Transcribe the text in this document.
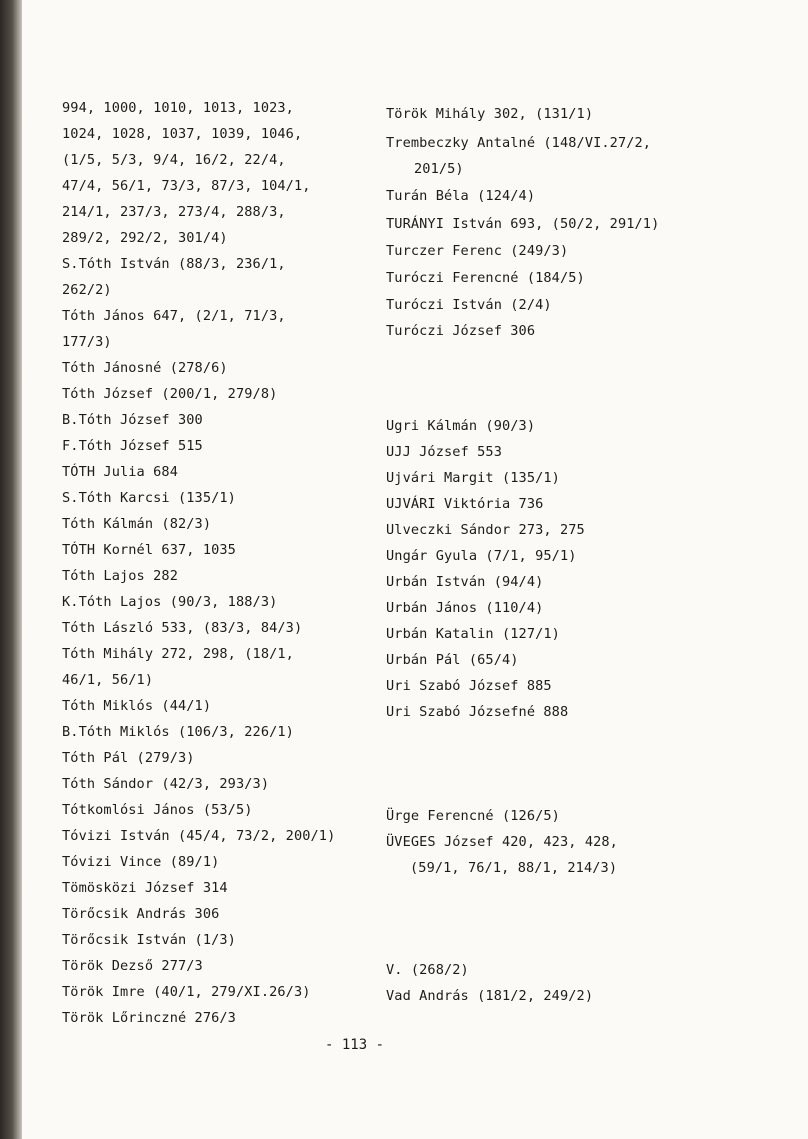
994, 1000, 1010, 1013, 1023,
1024, 1028, 1037, 1039, 1046,
(1/5, 5/3, 9/4, 16/2, 22/4,
47/4, 56/1, 73/3, 87/3, 104/1,
214/1, 237/3, 273/4, 288/3,
289/2, 292/2, 301/4)
S.Tóth István (88/3, 236/1,
262/2)
Tóth János 647, (2/1, 71/3,
177/3)
Tóth Jánosné (278/6)
Tóth József (200/1, 279/8)
B.Tóth József 300
F.Tóth József 515
TÓTH Julia 684
S.Tóth Karcsi (135/1)
Tóth Kálmán (82/3)
TÓTH Kornél 637, 1035
Tóth Lajos 282
K.Tóth Lajos (90/3, 188/3)
Tóth László 533, (83/3, 84/3)
Tóth Mihály 272, 298, (18/1,
46/1, 56/1)
Tóth Miklós (44/1)
B.Tóth Miklós (106/3, 226/1)
Tóth Pál (279/3)
Tóth Sándor (42/3, 293/3)
Tótkomlósi János (53/5)
Tóvizi István (45/4, 73/2, 200/1)
Tóvizi Vince (89/1)
Tömösközi József 314
Törőcsik András 306
Törőcsik István (1/3)
Török Dezső 277/3
Török Imre (40/1, 279/XI.26/3)
Török Lőrinczné 276/3
Török Mihály 302, (131/1)
Trembeczky Antalné (148/VI.27/2,
201/5)
Turán Béla (124/4)
TURÁNYI István 693, (50/2, 291/1)
Turczer Ferenc (249/3)
Turóczi Ferencné (184/5)
Turóczi István (2/4)
Turóczi József 306
Ugri Kálmán (90/3)
UJJ József 553
Ujvári Margit (135/1)
UJVÁRI Viktória 736
Ulveczki Sándor 273, 275
Ungár Gyula (7/1, 95/1)
Urbán István (94/4)
Urbán János (110/4)
Urbán Katalin (127/1)
Urbán Pál (65/4)
Uri Szabó József 885
Uri Szabó Józsefné 888
Ürge Ferencné (126/5)
ÜVEGES József 420, 423, 428,
(59/1, 76/1, 88/1, 214/3)
V. (268/2)
Vad András (181/2, 249/2)
- 113 -
